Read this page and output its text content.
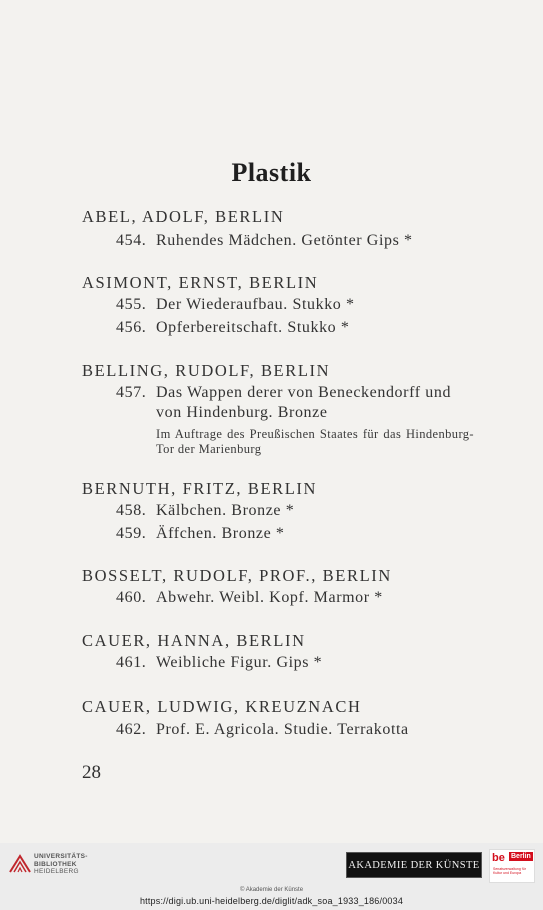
Plastik
ABEL, ADOLF, BERLIN
454. Ruhendes Mädchen. Getönter Gips *
ASIMONT, ERNST, BERLIN
455. Der Wiederaufbau. Stukko *
456. Opferbereitschaft. Stukko *
BELLING, RUDOLF, BERLIN
457. Das Wappen derer von Beneckendorff und
von Hindenburg. Bronze
Im Auftrage des Preußischen Staates für das Hindenburg-Tor der Marienburg
BERNUTH, FRITZ, BERLIN
458. Kälbchen. Bronze *
459. Äffchen. Bronze *
BOSSELT, RUDOLF, PROF., BERLIN
460. Abwehr. Weibl. Kopf. Marmor *
CAUER, HANNA, BERLIN
461. Weibliche Figur. Gips *
CAUER, LUDWIG, KREUZNACH
462. Prof. E. Agricola. Studie. Terrakotta
28
UNIVERSITÄTS-
BIBLIOTHEK
HEIDELBERG
AKADEMIE DER KÜNSTE
be Berlin
Senatsverwaltung für Kultur und Europa
© Akademie der Künste
https://digi.ub.uni-heidelberg.de/diglit/adk_soa_1933_186/0034
